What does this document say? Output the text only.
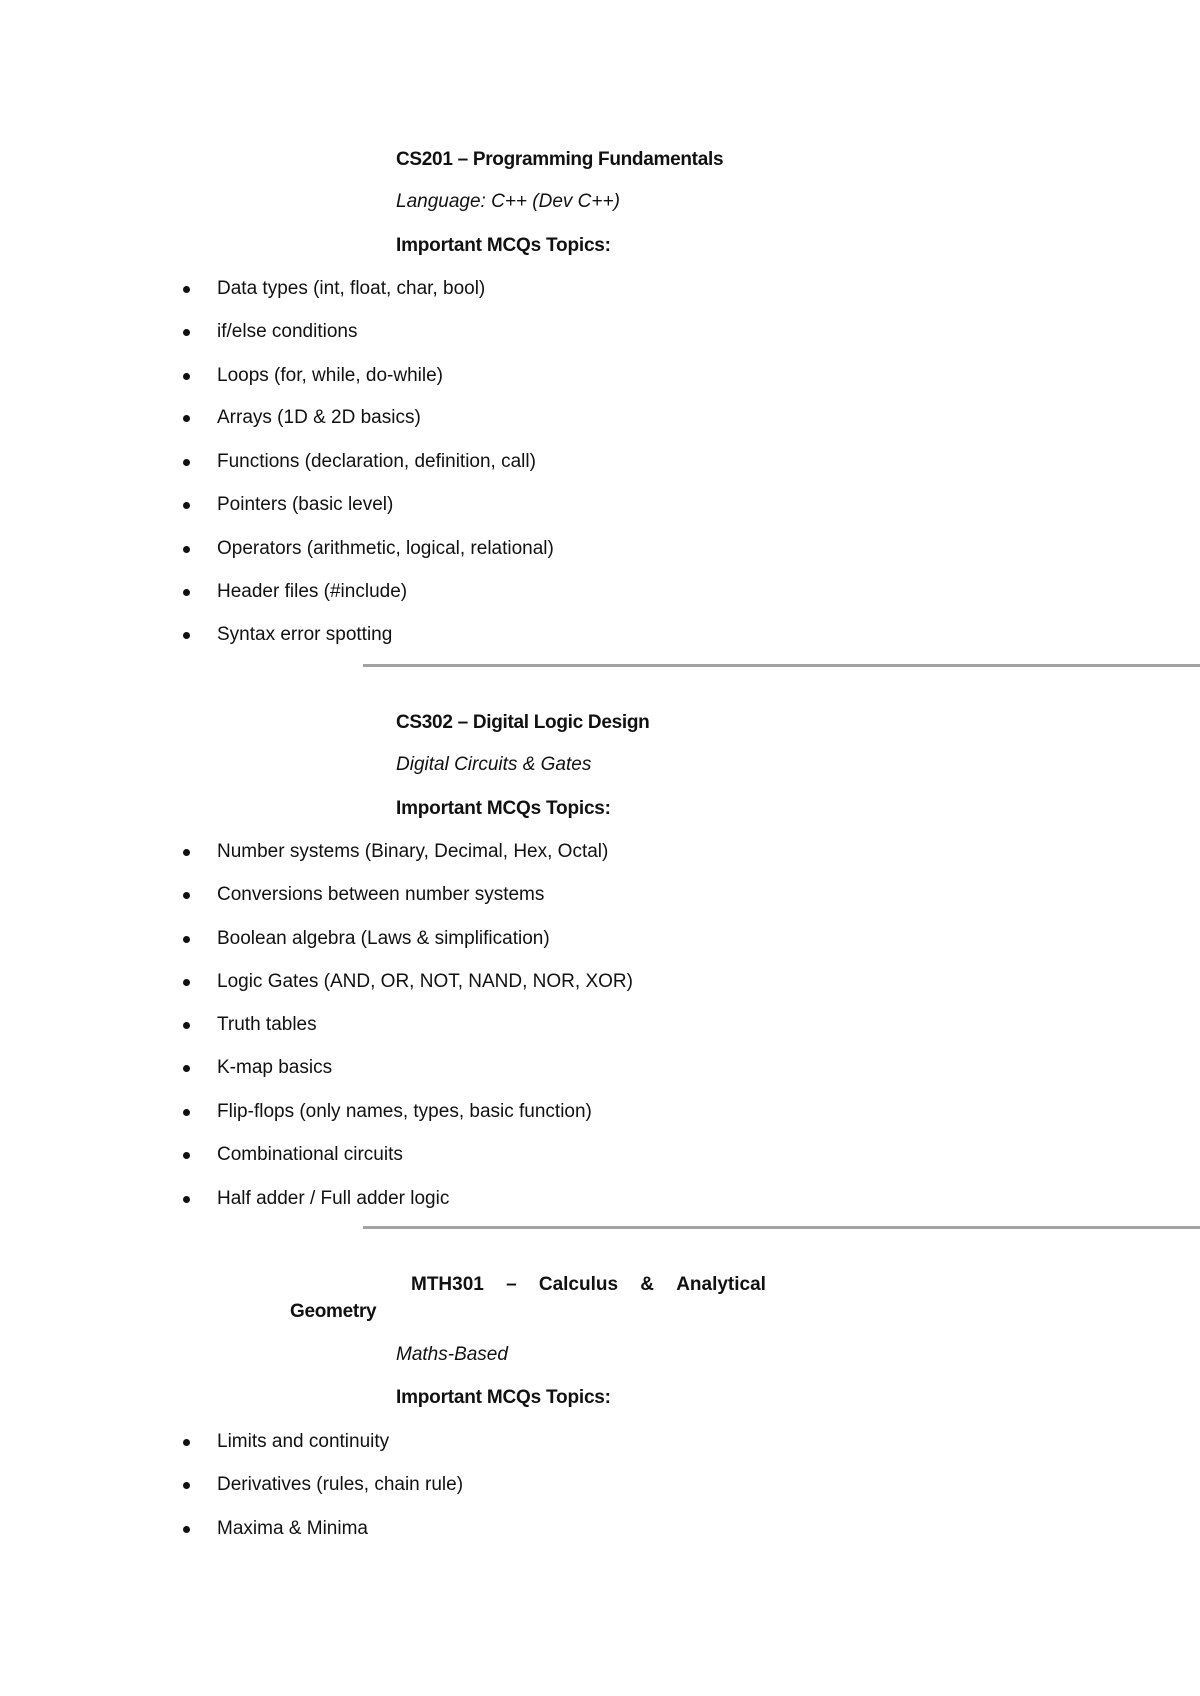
CS201 – Programming Fundamentals
Language: C++ (Dev C++)
Important MCQs Topics:
Data types (int, float, char, bool)
if/else conditions
Loops (for, while, do-while)
Arrays (1D & 2D basics)
Functions (declaration, definition, call)
Pointers (basic level)
Operators (arithmetic, logical, relational)
Header files (#include)
Syntax error spotting
CS302 – Digital Logic Design
Digital Circuits & Gates
Important MCQs Topics:
Number systems (Binary, Decimal, Hex, Octal)
Conversions between number systems
Boolean algebra (Laws & simplification)
Logic Gates (AND, OR, NOT, NAND, NOR, XOR)
Truth tables
K-map basics
Flip-flops (only names, types, basic function)
Combinational circuits
Half adder / Full adder logic
MTH301 – Calculus & Analytical
Geometry
Maths-Based
Important MCQs Topics:
Limits and continuity
Derivatives (rules, chain rule)
Maxima & Minima
